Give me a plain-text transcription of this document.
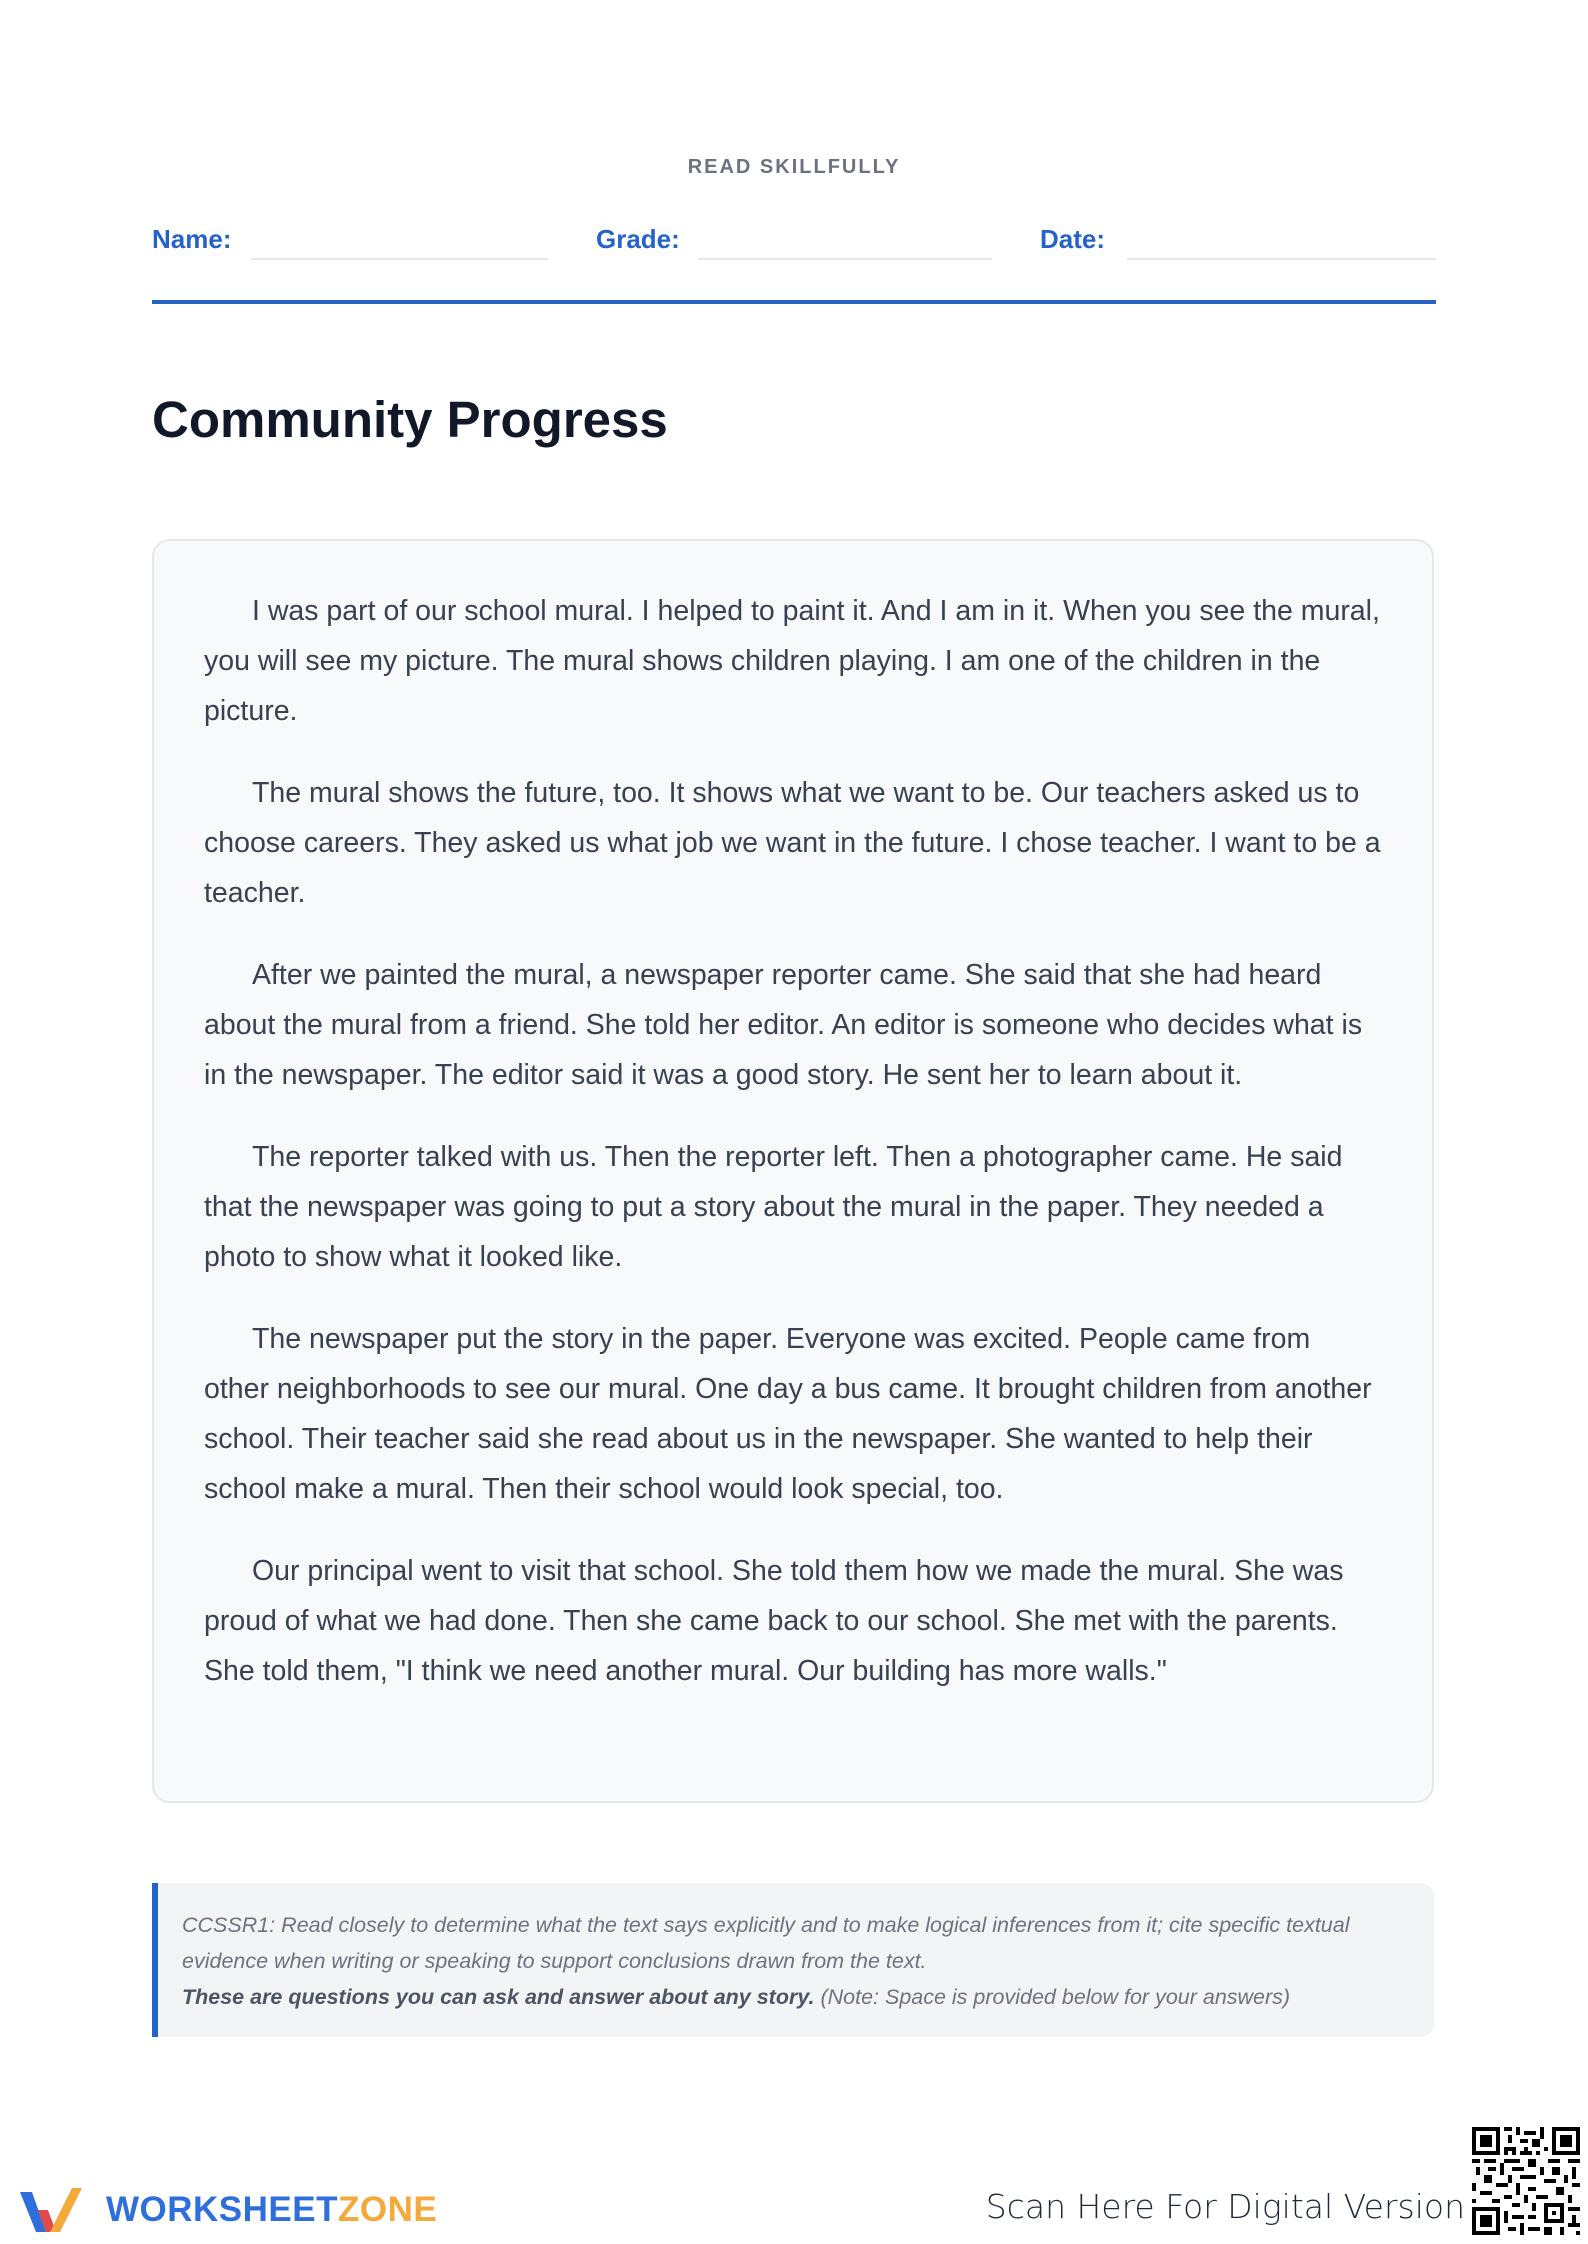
READ SKILLFULLY
Name:	Grade:	Date:
Community Progress

I was part of our school mural. I helped to paint it. And I am in it. When you see the mural, you will see my picture. The mural shows children playing. I am one of the children in the picture.

The mural shows the future, too. It shows what we want to be. Our teachers asked us to choose careers. They asked us what job we want in the future. I chose teacher. I want to be a teacher.

After we painted the mural, a newspaper reporter came. She said that she had heard about the mural from a friend. She told her editor. An editor is someone who decides what is in the newspaper. The editor said it was a good story. He sent her to learn about it.

The reporter talked with us. Then the reporter left. Then a photographer came. He said that the newspaper was going to put a story about the mural in the paper. They needed a photo to show what it looked like.

The newspaper put the story in the paper. Everyone was excited. People came from other neighborhoods to see our mural. One day a bus came. It brought children from another school. Their teacher said she read about us in the newspaper. She wanted to help their school make a mural. Then their school would look special, too.

Our principal went to visit that school. She told them how we made the mural. She was proud of what we had done. Then she came back to our school. She met with the parents. She told them, "I think we need another mural. Our building has more walls."

CCSSR1: Read closely to determine what the text says explicitly and to make logical inferences from it; cite specific textual evidence when writing or speaking to support conclusions drawn from the text.
These are questions you can ask and answer about any story. (Note: Space is provided below for your answers)
WORKSHEETZONE	Scan Here For Digital Version
